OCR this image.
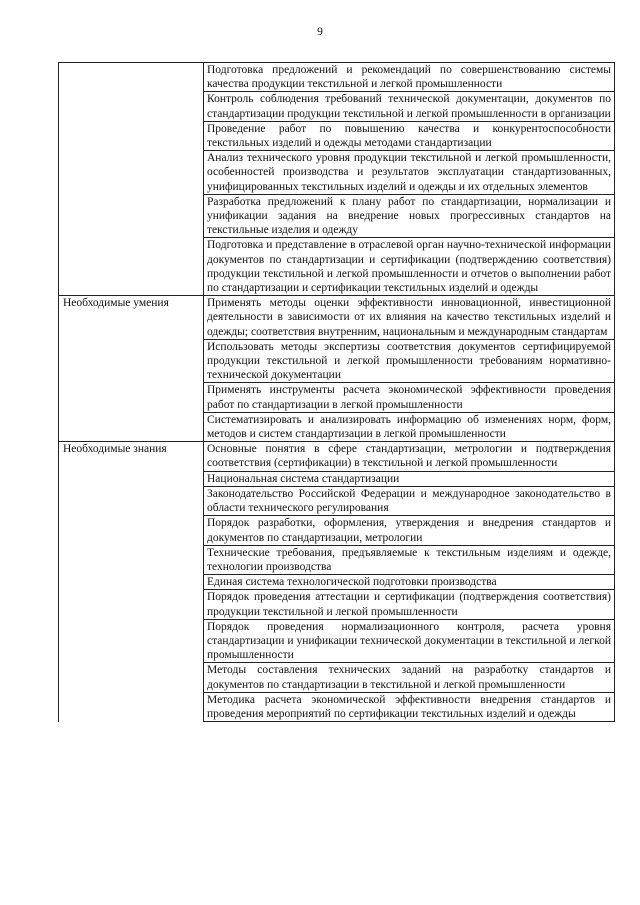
9
	Подготовка предложений и рекомендаций по совершенствованию системы качества продукции текстильной и легкой промышленности
	Контроль соблюдения требований технической документации, документов по стандартизации продукции текстильной и легкой промышленности в организации
	Проведение работ по повышению качества и конкурентоспособности текстильных изделий и одежды методами стандартизации
	Анализ технического уровня продукции текстильной и легкой промышленности, особенностей производства и результатов эксплуатации стандартизованных, унифицированных текстильных изделий и одежды и их отдельных элементов
	Разработка предложений к плану работ по стандартизации, нормализации и унификации задания на внедрение новых прогрессивных стандартов на текстильные изделия и одежду
	Подготовка и представление в отраслевой орган научно-технической информации документов по стандартизации и сертификации (подтверждению соответствия) продукции текстильной и легкой промышленности и отчетов о выполнении работ по стандартизации и сертификации текстильных изделий и одежды
Необходимые умения	Применять методы оценки эффективности инновационной, инвестиционной деятельности в зависимости от их влияния на качество текстильных изделий и одежды; соответствия внутренним, национальным и международным стандартам
	Использовать методы экспертизы соответствия документов сертифицируемой продукции текстильной и легкой промышленности требованиям нормативно-технической документации
	Применять инструменты расчета экономической эффективности проведения работ по стандартизации в легкой промышленности
	Систематизировать и анализировать информацию об изменениях норм, форм, методов и систем стандартизации в легкой промышленности
Необходимые знания	Основные понятия в сфере стандартизации, метрологии и подтверждения соответствия (сертификации) в текстильной и легкой промышленности
	Национальная система стандартизации
	Законодательство Российской Федерации и международное законодательство в области технического регулирования
	Порядок разработки, оформления, утверждения и внедрения стандартов и документов по стандартизации, метрологии
	Технические требования, предъявляемые к текстильным изделиям и одежде, технологии производства
	Единая система технологической подготовки производства
	Порядок проведения аттестации и сертификации (подтверждения соответствия) продукции текстильной и легкой промышленности
	Порядок проведения нормализационного контроля, расчета уровня стандартизации и унификации технической документации в текстильной и легкой промышленности
	Методы составления технических заданий на разработку стандартов и документов по стандартизации в текстильной и легкой промышленности
	Методика расчета экономической эффективности внедрения стандартов и проведения мероприятий по сертификации текстильных изделий и одежды
